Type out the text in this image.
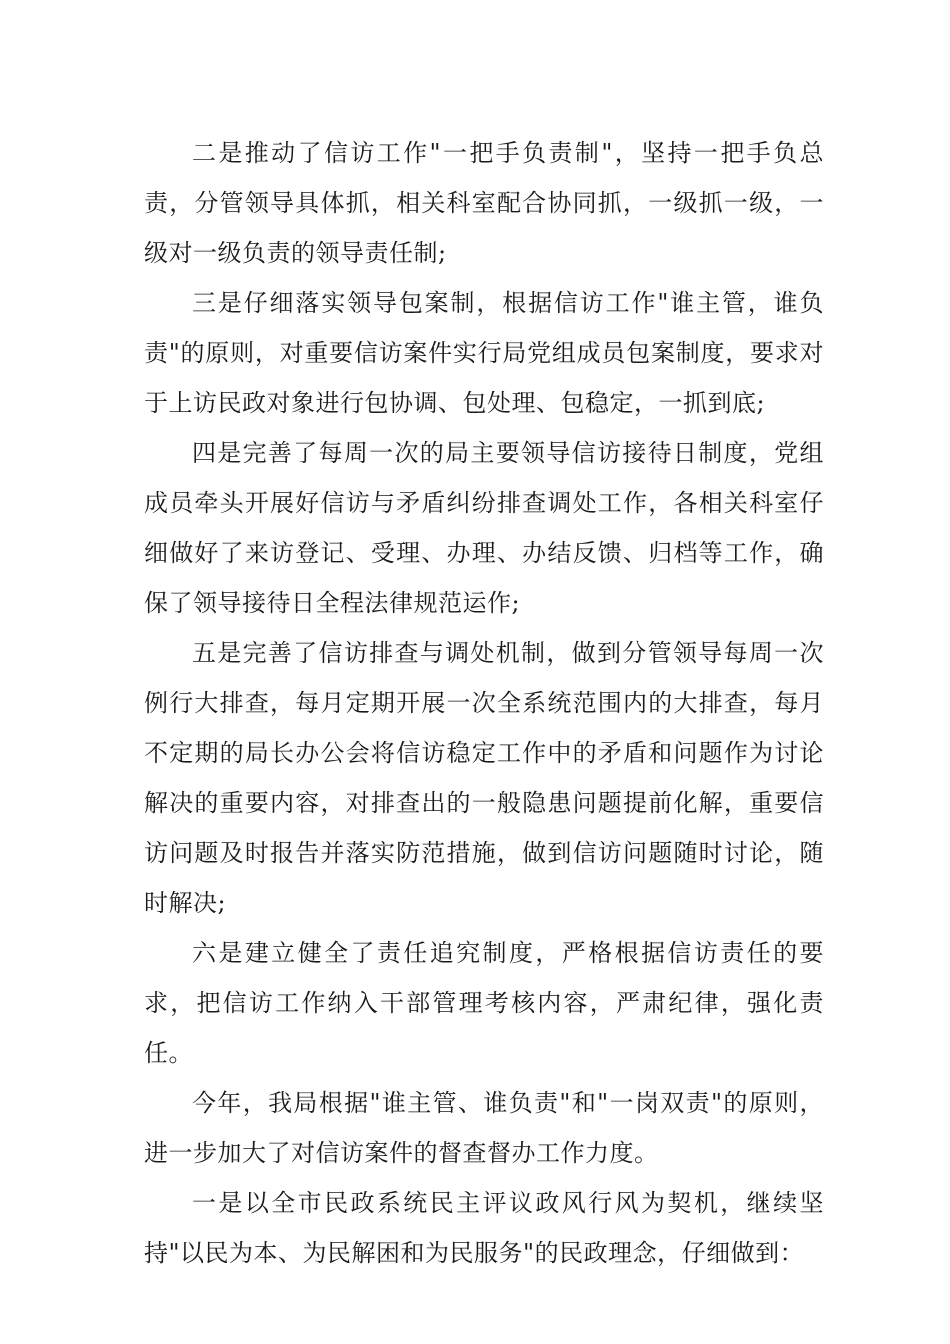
二是推动了信访工作"一把手负责制"，坚持一把手负总责，分管领导具体抓，相关科室配合协同抓，一级抓一级，一级对一级负责的领导责任制;

三是仔细落实领导包案制，根据信访工作"谁主管，谁负责"的原则，对重要信访案件实行局党组成员包案制度，要求对于上访民政对象进行包协调、包处理、包稳定，一抓到底;

四是完善了每周一次的局主要领导信访接待日制度，党组成员牵头开展好信访与矛盾纠纷排查调处工作，各相关科室仔细做好了来访登记、受理、办理、办结反馈、归档等工作，确保了领导接待日全程法律规范运作;

五是完善了信访排查与调处机制，做到分管领导每周一次例行大排查，每月定期开展一次全系统范围内的大排查，每月不定期的局长办公会将信访稳定工作中的矛盾和问题作为讨论解决的重要内容，对排查出的一般隐患问题提前化解，重要信访问题及时报告并落实防范措施，做到信访问题随时讨论，随时解决;

六是建立健全了责任追究制度，严格根据信访责任的要求，把信访工作纳入干部管理考核内容，严肃纪律，强化责任。

今年，我局根据"谁主管、谁负责"和"一岗双责"的原则，进一步加大了对信访案件的督查督办工作力度。

一是以全市民政系统民主评议政风行风为契机，继续坚持"以民为本、为民解困和为民服务"的民政理念，仔细做到：
